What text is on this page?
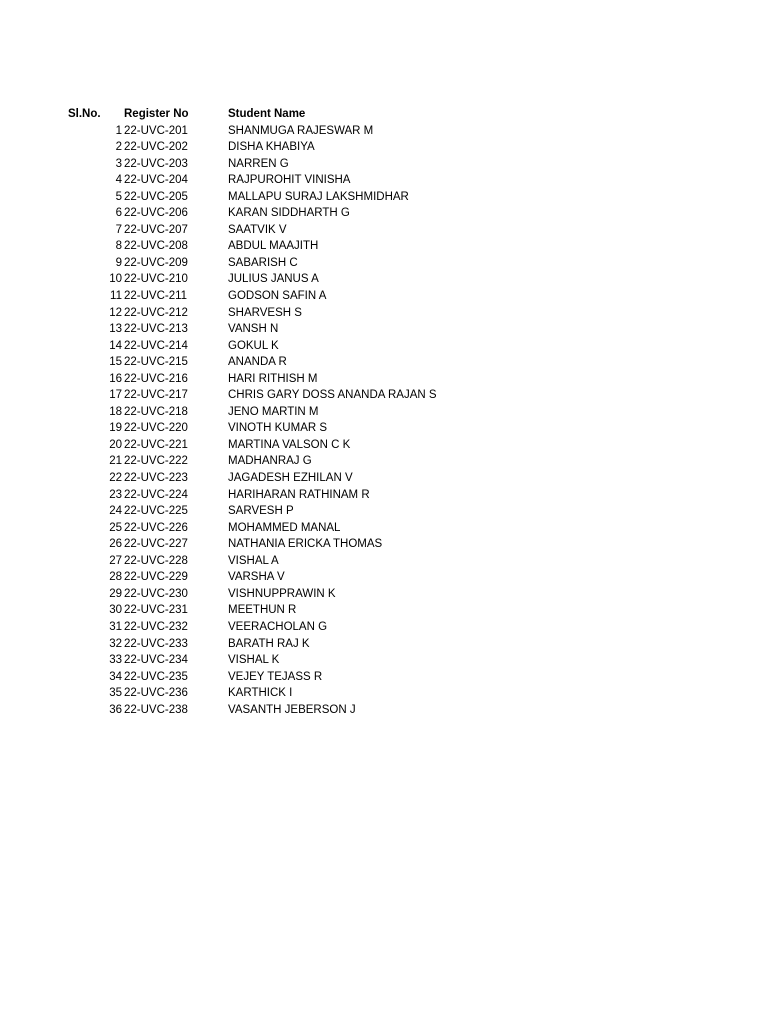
Sl.No. Register No	Student Name
1 22-UVC-201	SHANMUGA RAJESWAR M
2 22-UVC-202	DISHA KHABIYA
3 22-UVC-203	NARREN G
4 22-UVC-204	RAJPUROHIT VINISHA
5 22-UVC-205	MALLAPU SURAJ LAKSHMIDHAR
6 22-UVC-206	KARAN SIDDHARTH G
7 22-UVC-207	SAATVIK V
8 22-UVC-208	ABDUL MAAJITH
9 22-UVC-209	SABARISH C
10 22-UVC-210	JULIUS JANUS A
11 22-UVC-211	GODSON SAFIN A
12 22-UVC-212	SHARVESH S
13 22-UVC-213	VANSH N
14 22-UVC-214	GOKUL K
15 22-UVC-215	ANANDA R
16 22-UVC-216	HARI RITHISH M
17 22-UVC-217	CHRIS GARY DOSS ANANDA RAJAN S
18 22-UVC-218	JENO MARTIN M
19 22-UVC-220	VINOTH KUMAR S
20 22-UVC-221	MARTINA VALSON C K
21 22-UVC-222	MADHANRAJ G
22 22-UVC-223	JAGADESH EZHILAN V
23 22-UVC-224	HARIHARAN RATHINAM R
24 22-UVC-225	SARVESH P
25 22-UVC-226	MOHAMMED MANAL
26 22-UVC-227	NATHANIA ERICKA THOMAS
27 22-UVC-228	VISHAL A
28 22-UVC-229	VARSHA V
29 22-UVC-230	VISHNUPPRAWIN K
30 22-UVC-231	MEETHUN R
31 22-UVC-232	VEERACHOLAN G
32 22-UVC-233	BARATH RAJ K
33 22-UVC-234	VISHAL K
34 22-UVC-235	VEJEY TEJASS R
35 22-UVC-236	KARTHICK I
36 22-UVC-238	VASANTH JEBERSON J
